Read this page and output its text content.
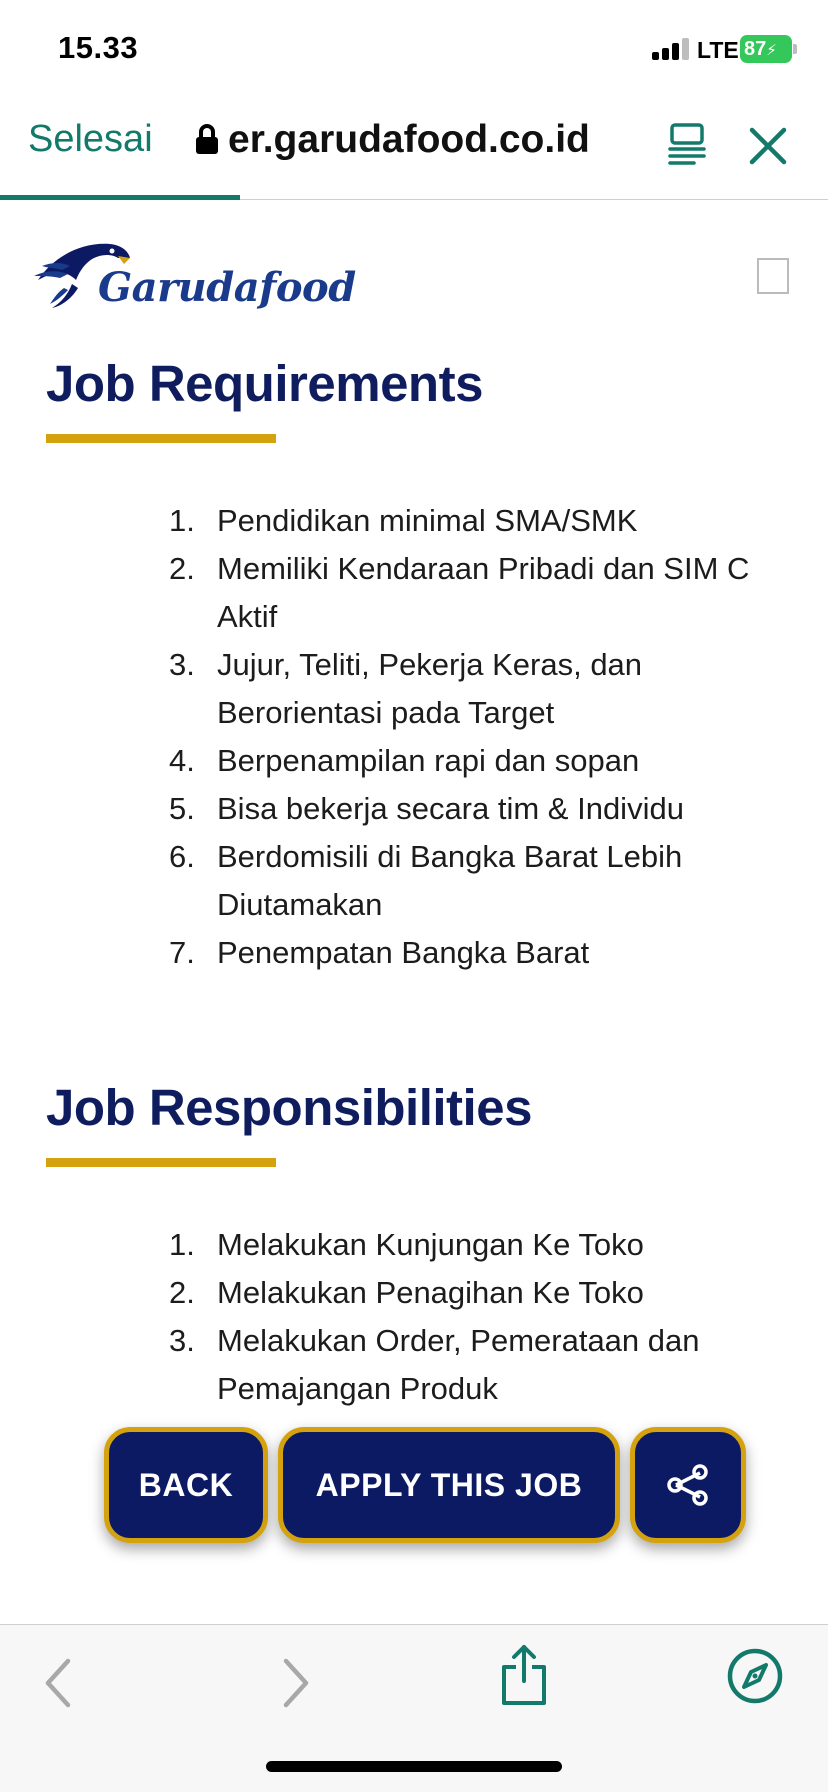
15.33	LTE 87⚡
Selesai er.garudafood.co.id
Garudafood
Job Requirements
1. Pendidikan minimal SMA/SMK
2. Memiliki Kendaraan Pribadi dan SIM C Aktif
3. Jujur, Teliti, Pekerja Keras, dan Berorientasi pada Target
4. Berpenampilan rapi dan sopan
5. Bisa bekerja secara tim & Individu
6. Berdomisili di Bangka Barat Lebih Diutamakan
7. Penempatan Bangka Barat
Job Responsibilities
1. Melakukan Kunjungan Ke Toko
2. Melakukan Penagihan Ke Toko
3. Melakukan Order, Pemerataan dan Pemajangan Produk
BACK	APPLY THIS JOB
